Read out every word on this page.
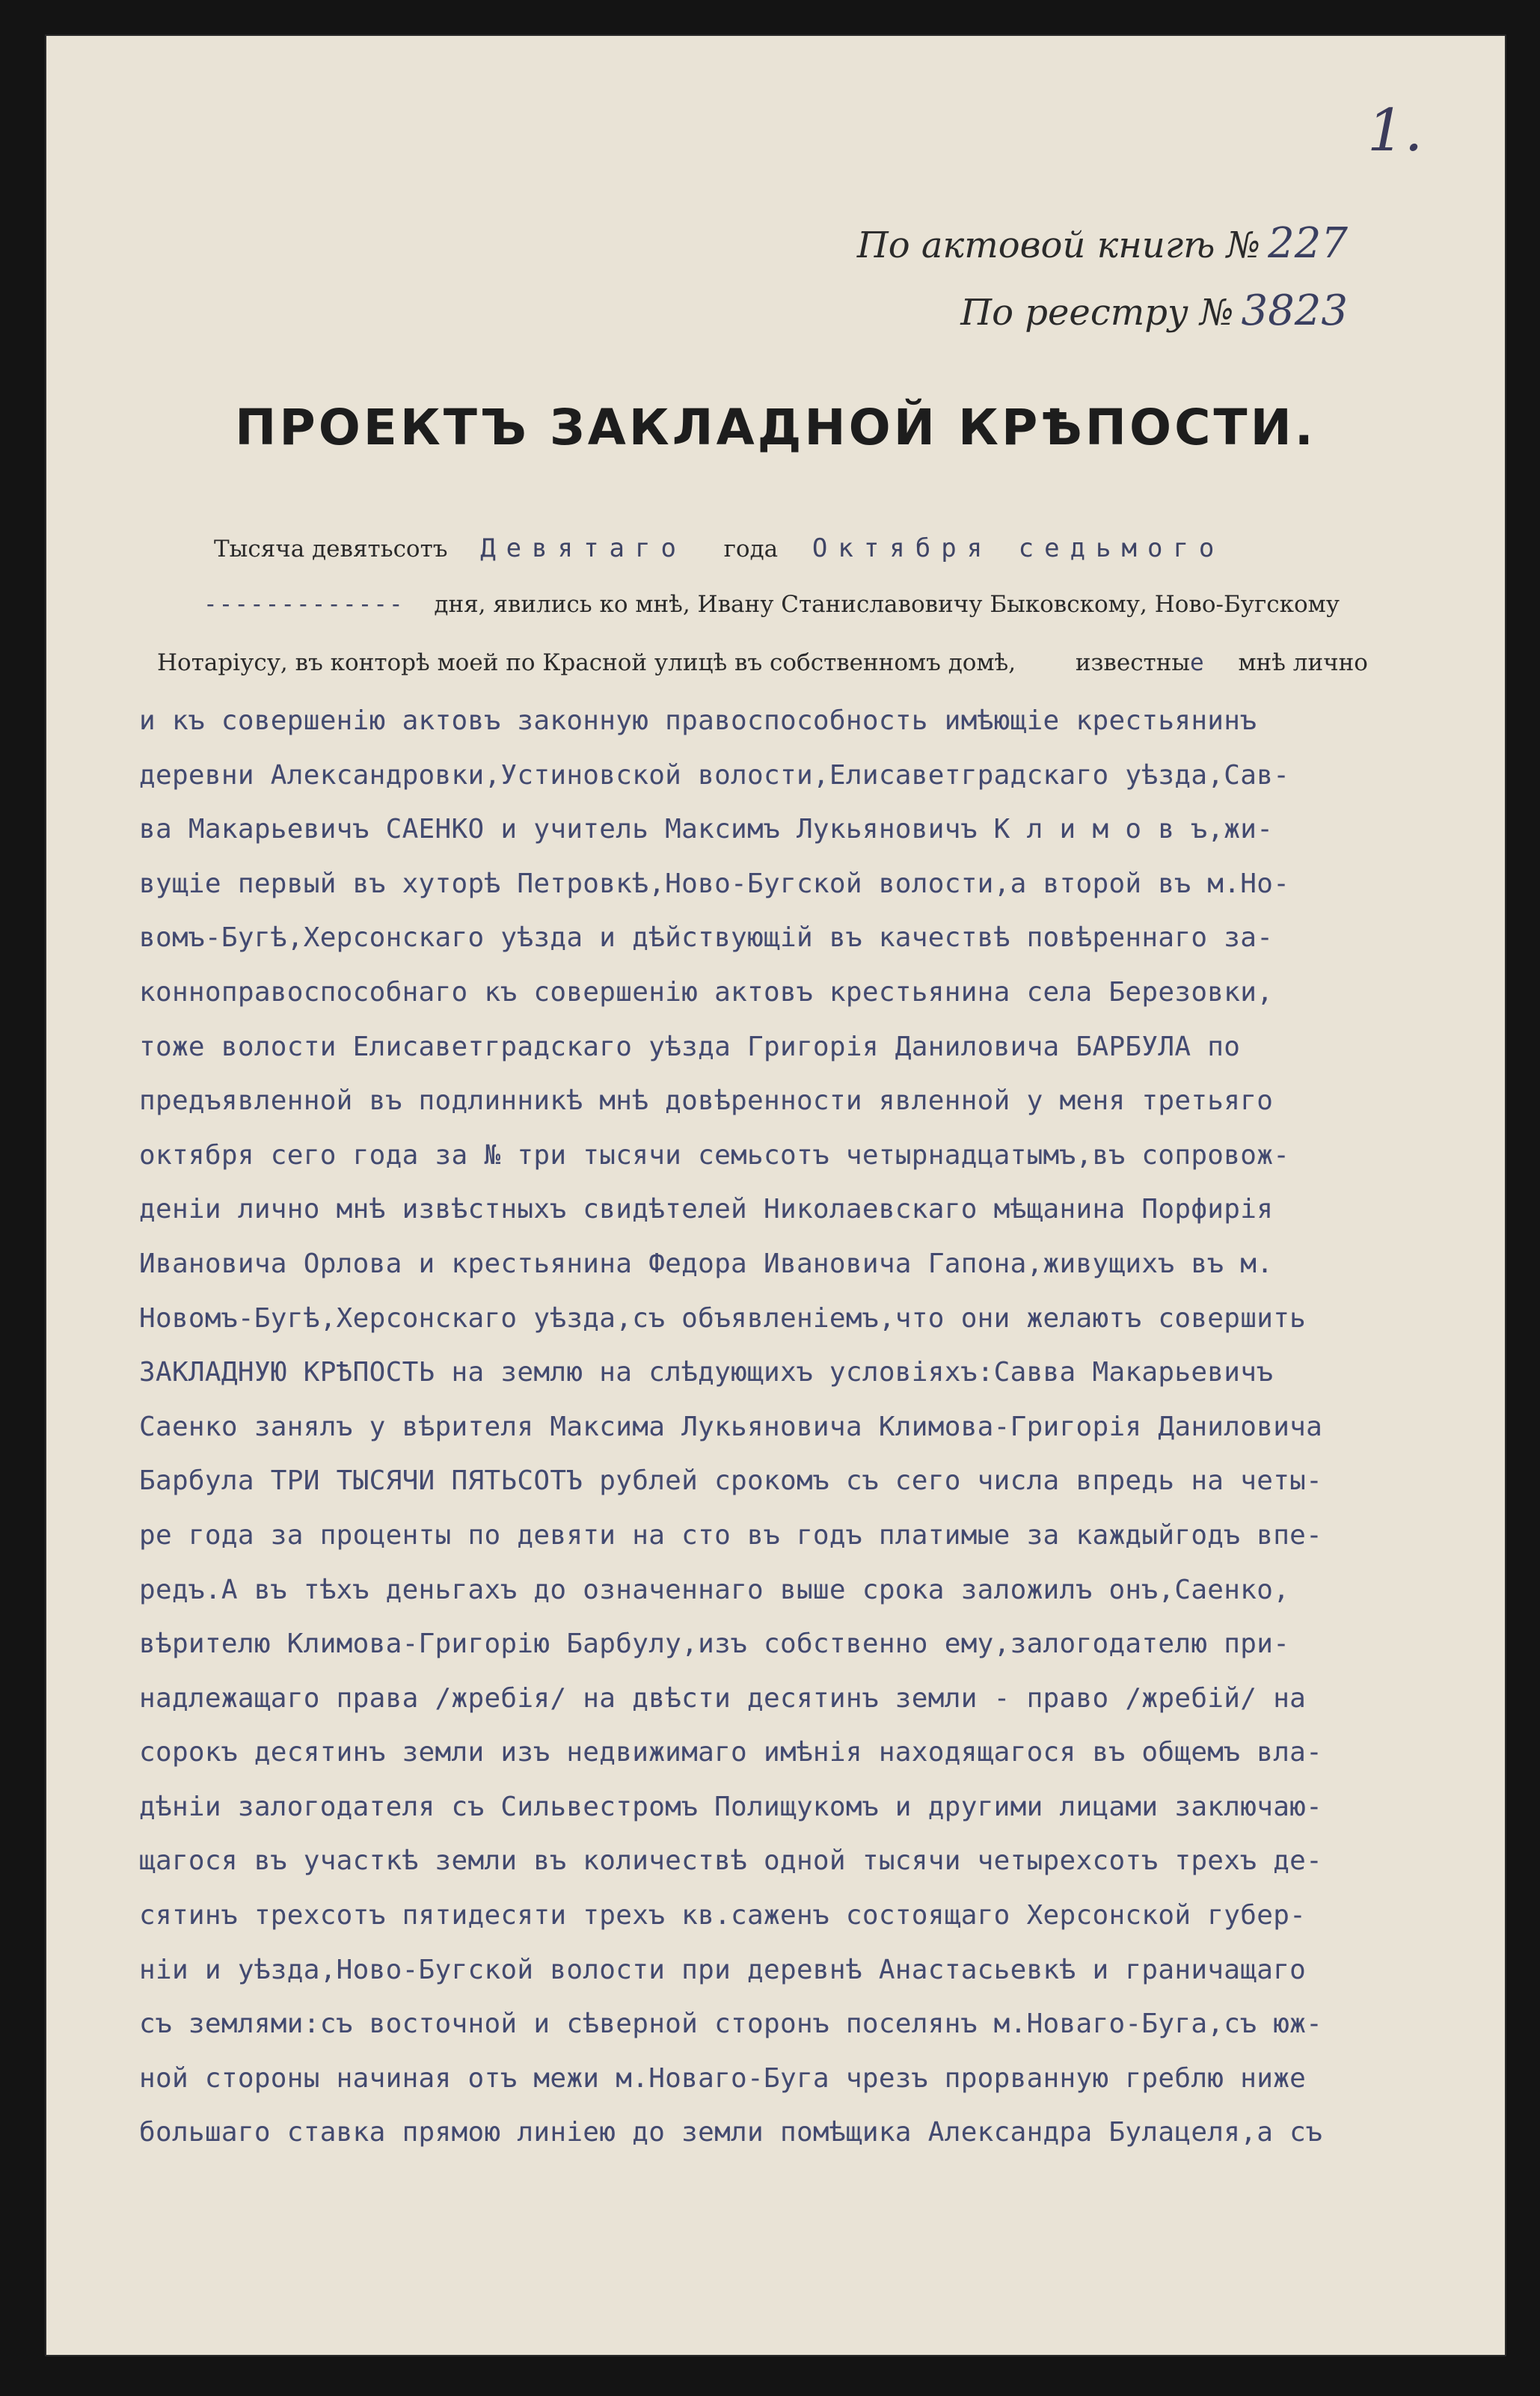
1.
По актовой книгѣ № 227
По реестру № 3823
ПРОЕКТЪ ЗАКЛАДНОЙ КРѢПОСТИ.
Тысяча девятьсотъ Девятаго года Октября седьмого
------------- дня, явились ко мнѣ, Ивану Станиславовичу Быковскому, Ново-Бугскому
Нотаріусу, въ конторѣ моей по Красной улицѣ въ собственномъ домѣ,	известные мнѣ лично
и къ совершенію актовъ законную правоспособность имѣющіе крестьянинъ
деревни Александровки,Устиновской волости,Елисаветградскаго уѣзда,Сав-
ва Макарьевичъ САЕНКО и учитель Максимъ Лукьяновичъ К л и м о в ъ,жи-
вущіе первый въ хуторѣ Петровкѣ,Ново-Бугской волости,а второй въ м.Но-
вомъ-Бугѣ,Херсонскаго уѣзда и дѣйствующій въ качествѣ повѣреннаго за-
конноправоспособнаго къ совершенію актовъ крестьянина села Березовки,
тоже волости Елисаветградскаго уѣзда Григорія Даниловича БАРБУЛА по
предъявленной въ подлинникѣ мнѣ довѣренности явленной у меня третьяго
октября сего года за № три тысячи семьсотъ четырнадцатымъ,въ сопровож-
деніи лично мнѣ извѣстныхъ свидѣтелей Николаевскаго мѣщанина Порфирія
Ивановича Орлова и крестьянина Федора Ивановича Гапона,живущихъ въ м.
Новомъ-Бугѣ,Херсонскаго уѣзда,съ объявленіемъ,что они желаютъ совершить
ЗАКЛАДНУЮ КРѢПОСТЬ на землю на слѣдующихъ условіяхъ:Савва Макарьевичъ
Саенко занялъ у вѣрителя Максима Лукьяновича Климова-Григорія Даниловича
Барбула ТРИ ТЫСЯЧИ ПЯТЬСОТЪ рублей срокомъ съ сего числа впредь на четы-
ре года за проценты по девяти на сто въ годъ платимые за каждыйгодъ впе-
редъ.А въ тѣхъ деньгахъ до означеннаго выше срока заложилъ онъ,Саенко,
вѣрителю Климова-Григорію Барбулу,изъ собственно ему,залогодателю при-
надлежащаго права /жребія/ на двѣсти десятинъ земли - право /жребій/ на
сорокъ десятинъ земли изъ недвижимаго имѣнія находящагося въ общемъ вла-
дѣніи залогодателя съ Сильвестромъ Полищукомъ и другими лицами заключаю-
щагося въ участкѣ земли въ количествѣ одной тысячи четырехсотъ трехъ де-
сятинъ трехсотъ пятидесяти трехъ кв.саженъ состоящаго Херсонской губер-
ніи и уѣзда,Ново-Бугской волости при деревнѣ Анастасьевкѣ и граничащаго
съ землями:съ восточной и сѣверной сторонъ поселянъ м.Новаго-Буга,съ юж-
ной стороны начиная отъ межи м.Новаго-Буга чрезъ прорванную греблю ниже
большаго ставка прямою линіею до земли помѣщика Александра Булацеля,а съ
